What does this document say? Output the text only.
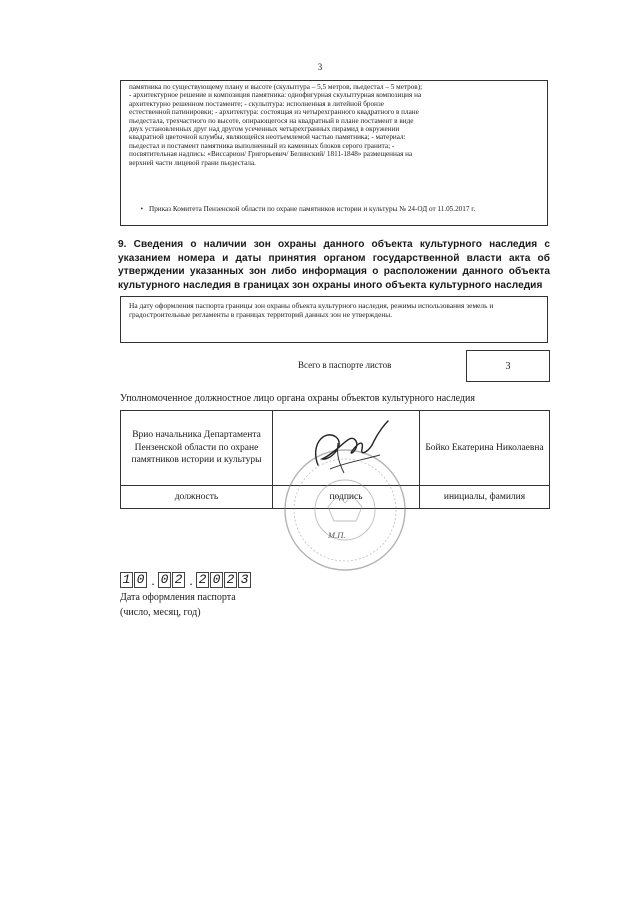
3

памятника по существующему плану и высоте (скульптура – 5,5 метров, пьедестал – 5 метров);

- архитектурное решение и композиция памятника: однофигурная скульптурная композиция на

архитектурно решенном постаменте; - скульптура: исполненная в литейной бронзе

естественной патинировки; - архитектура: состоящая из четырехгранного квадратного в плане

пьедестала, трехчастного по высоте, опирающегося на квадратный в плане постамент в виде

двух установленных друг над другом усеченных четырехгранных пирамид в окружении

квадратной цветочной клумбы, являющейся неотъемлемой частью памятника; - материал:

пьедестал и постамент памятника выполненный из каменных блоков серого гранита; -

посвятительная надпись: «Виссарион/ Григорьевич/ Белинский/ 1811-1848» размещенная на

верхней части лицевой грани пьедестала.

• Приказ Комитета Пензенской области по охране памятников истории и культуры № 24-ОД от 11.05.2017 г.
9. Сведения о наличии зон охраны данного объекта культурного наследия с указанием номера и даты принятия органом государственной власти акта об утверждении указанных зон либо информация о расположении данного объекта культурного наследия в границах зон охраны иного объекта культурного наследия
На дату оформления паспорта границы зон охраны объекта культурного наследия, режимы использования земель и градостроительные регламенты в границах территорий данных зон не утверждены.
Всего в паспорте листов	3
Уполномоченное должностное лицо органа охраны объектов культурного наследия
Врио начальника Департамента Пензенской области по охране памятников истории и культуры		Бойко Екатерина Николаевна
должность	подпись	инициалы, фамилия
М.П.
1 0 . 0 2 . 2 0 2 3
Дата оформления паспорта
(число, месяц, год)
